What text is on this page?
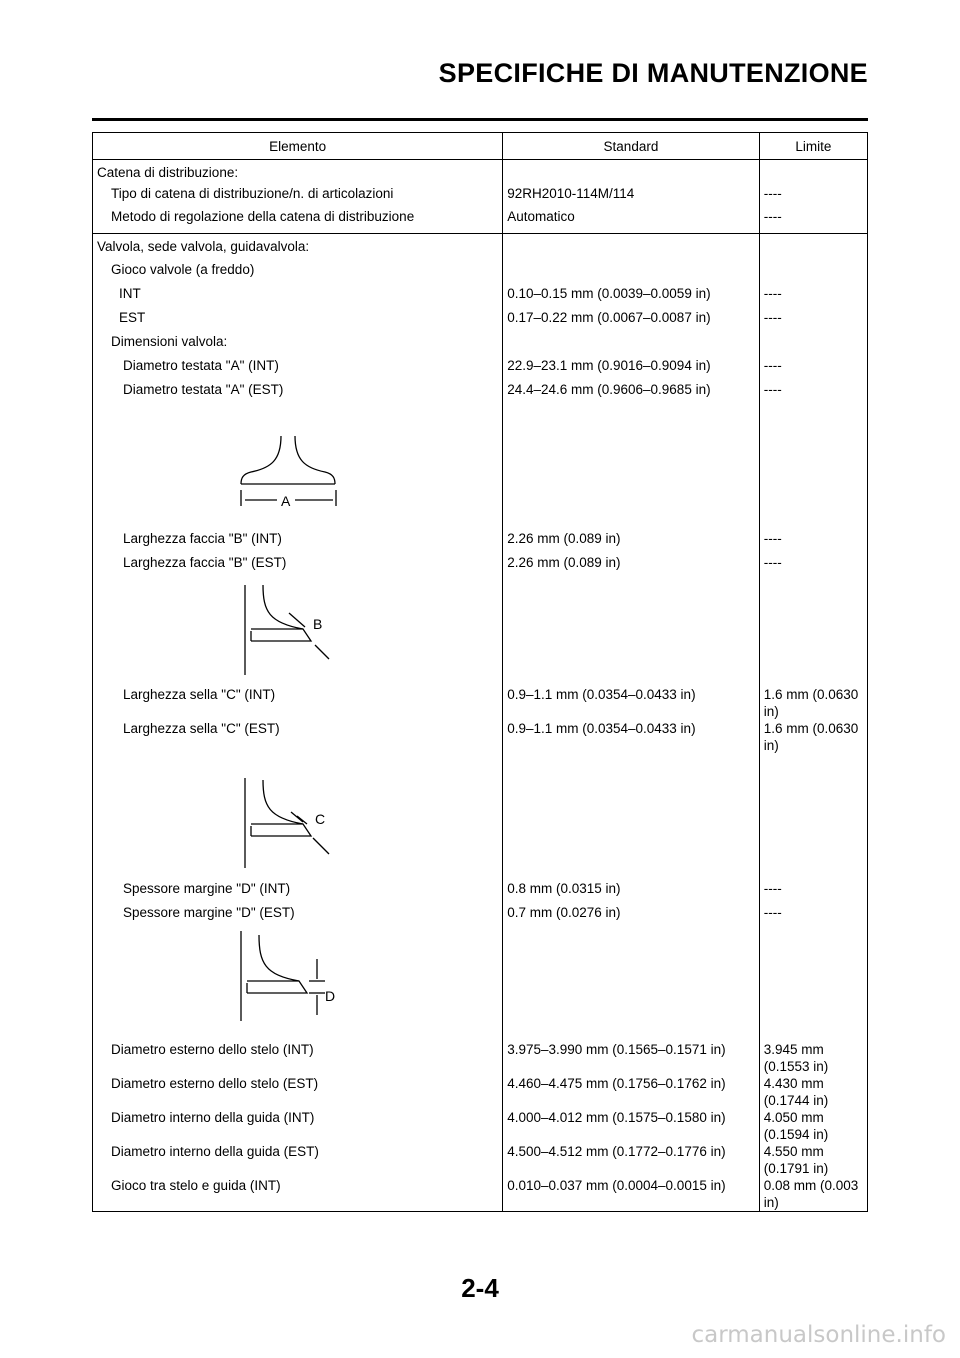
SPECIFICHE DI MANUTENZIONE
Elemento	Standard	Limite
Catena di distribuzione:		
Tipo di catena di distribuzione/n. di articolazioni	92RH2010-114M/114	----
Metodo di regolazione della catena di distribuzione	Automatico	----
Valvola, sede valvola, guidavalvola:		
Gioco valvole (a freddo)		
INT	0.10–0.15 mm (0.0039–0.0059 in)	----
EST	0.17–0.22 mm (0.0067–0.0087 in)	----
Dimensioni valvola:		
Diametro testata "A" (INT)	22.9–23.1 mm (0.9016–0.9094 in)	----
Diametro testata "A" (EST)	24.4–24.6 mm (0.9606–0.9685 in)	----

A		

Larghezza faccia "B" (INT)	2.26 mm (0.089 in)	----
Larghezza faccia "B" (EST)	2.26 mm (0.089 in)	----

B		

Larghezza sella "C" (INT)	0.9–1.1 mm (0.0354–0.0433 in)	1.6 mm (0.0630 in)
Larghezza sella "C" (EST)	0.9–1.1 mm (0.0354–0.0433 in)	1.6 mm (0.0630 in)

C		

Spessore margine "D" (INT)	0.8 mm (0.0315 in)	----
Spessore margine "D" (EST)	0.7 mm (0.0276 in)	----

D		

Diametro esterno dello stelo (INT)	3.975–3.990 mm (0.1565–0.1571 in)	3.945 mm (0.1553 in)
Diametro esterno dello stelo (EST)	4.460–4.475 mm (0.1756–0.1762 in)	4.430 mm (0.1744 in)
Diametro interno della guida (INT)	4.000–4.012 mm (0.1575–0.1580 in)	4.050 mm (0.1594 in)
Diametro interno della guida (EST)	4.500–4.512 mm (0.1772–0.1776 in)	4.550 mm (0.1791 in)
Gioco tra stelo e guida (INT)	0.010–0.037 mm (0.0004–0.0015 in)	0.08 mm (0.003 in)
2-4
carmanualsonline.info
